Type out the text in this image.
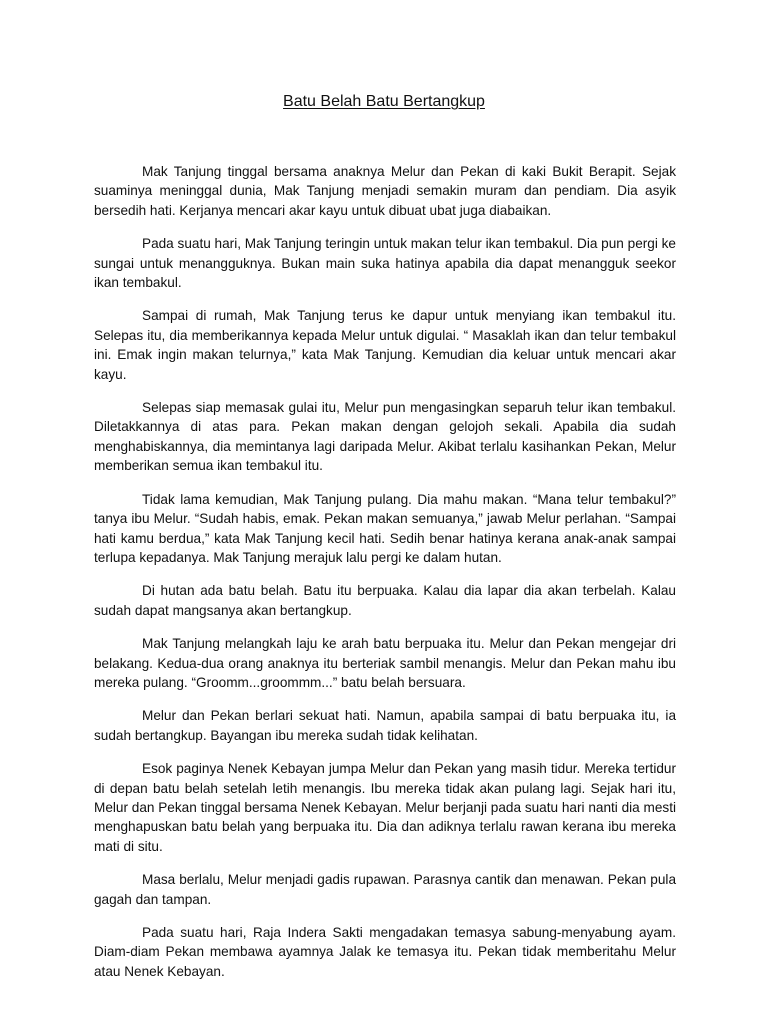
Batu Belah Batu Bertangkup

Mak Tanjung tinggal bersama anaknya Melur dan Pekan di kaki Bukit Berapit. Sejak suaminya meninggal dunia, Mak Tanjung menjadi semakin muram dan pendiam. Dia asyik bersedih hati. Kerjanya mencari akar kayu untuk dibuat ubat juga diabaikan.

Pada suatu hari, Mak Tanjung teringin untuk makan telur ikan tembakul. Dia pun pergi ke sungai untuk menangguknya. Bukan main suka hatinya apabila dia dapat menangguk seekor ikan tembakul.

Sampai di rumah, Mak Tanjung terus ke dapur untuk menyiang ikan tembakul itu. Selepas itu, dia memberikannya kepada Melur untuk digulai. “ Masaklah ikan dan telur tembakul ini. Emak ingin makan telurnya,” kata Mak Tanjung. Kemudian dia keluar untuk mencari akar kayu.

Selepas siap memasak gulai itu, Melur pun mengasingkan separuh telur ikan tembakul. Diletakkannya di atas para. Pekan makan dengan gelojoh sekali. Apabila dia sudah menghabiskannya, dia memintanya lagi daripada Melur. Akibat terlalu kasihankan Pekan, Melur memberikan semua ikan tembakul itu.

Tidak lama kemudian, Mak Tanjung pulang. Dia mahu makan. “Mana telur tembakul?” tanya ibu Melur. “Sudah habis, emak. Pekan makan semuanya,” jawab Melur perlahan. “Sampai hati kamu berdua,” kata Mak Tanjung kecil hati. Sedih benar hatinya kerana anak-anak sampai terlupa kepadanya. Mak Tanjung merajuk lalu pergi ke dalam hutan.

Di hutan ada batu belah. Batu itu berpuaka. Kalau dia lapar dia akan terbelah. Kalau sudah dapat mangsanya akan bertangkup.

Mak Tanjung melangkah laju ke arah batu berpuaka itu. Melur dan Pekan mengejar dri belakang. Kedua-dua orang anaknya itu berteriak sambil menangis. Melur dan Pekan mahu ibu mereka pulang. “Groomm...groommm...” batu belah bersuara.

Melur dan Pekan berlari sekuat hati. Namun, apabila sampai di batu berpuaka itu, ia sudah bertangkup. Bayangan ibu mereka sudah tidak kelihatan.

Esok paginya Nenek Kebayan jumpa Melur dan Pekan yang masih tidur. Mereka tertidur di depan batu belah setelah letih menangis. Ibu mereka tidak akan pulang lagi. Sejak hari itu, Melur dan Pekan tinggal bersama Nenek Kebayan. Melur berjanji pada suatu hari nanti dia mesti menghapuskan batu belah yang berpuaka itu. Dia dan adiknya terlalu rawan kerana ibu mereka mati di situ.

Masa berlalu, Melur menjadi gadis rupawan. Parasnya cantik dan menawan. Pekan pula gagah dan tampan.

Pada suatu hari, Raja Indera Sakti mengadakan temasya sabung-menyabung ayam. Diam-diam Pekan membawa ayamnya Jalak ke temasya itu. Pekan tidak memberitahu Melur atau Nenek Kebayan.
